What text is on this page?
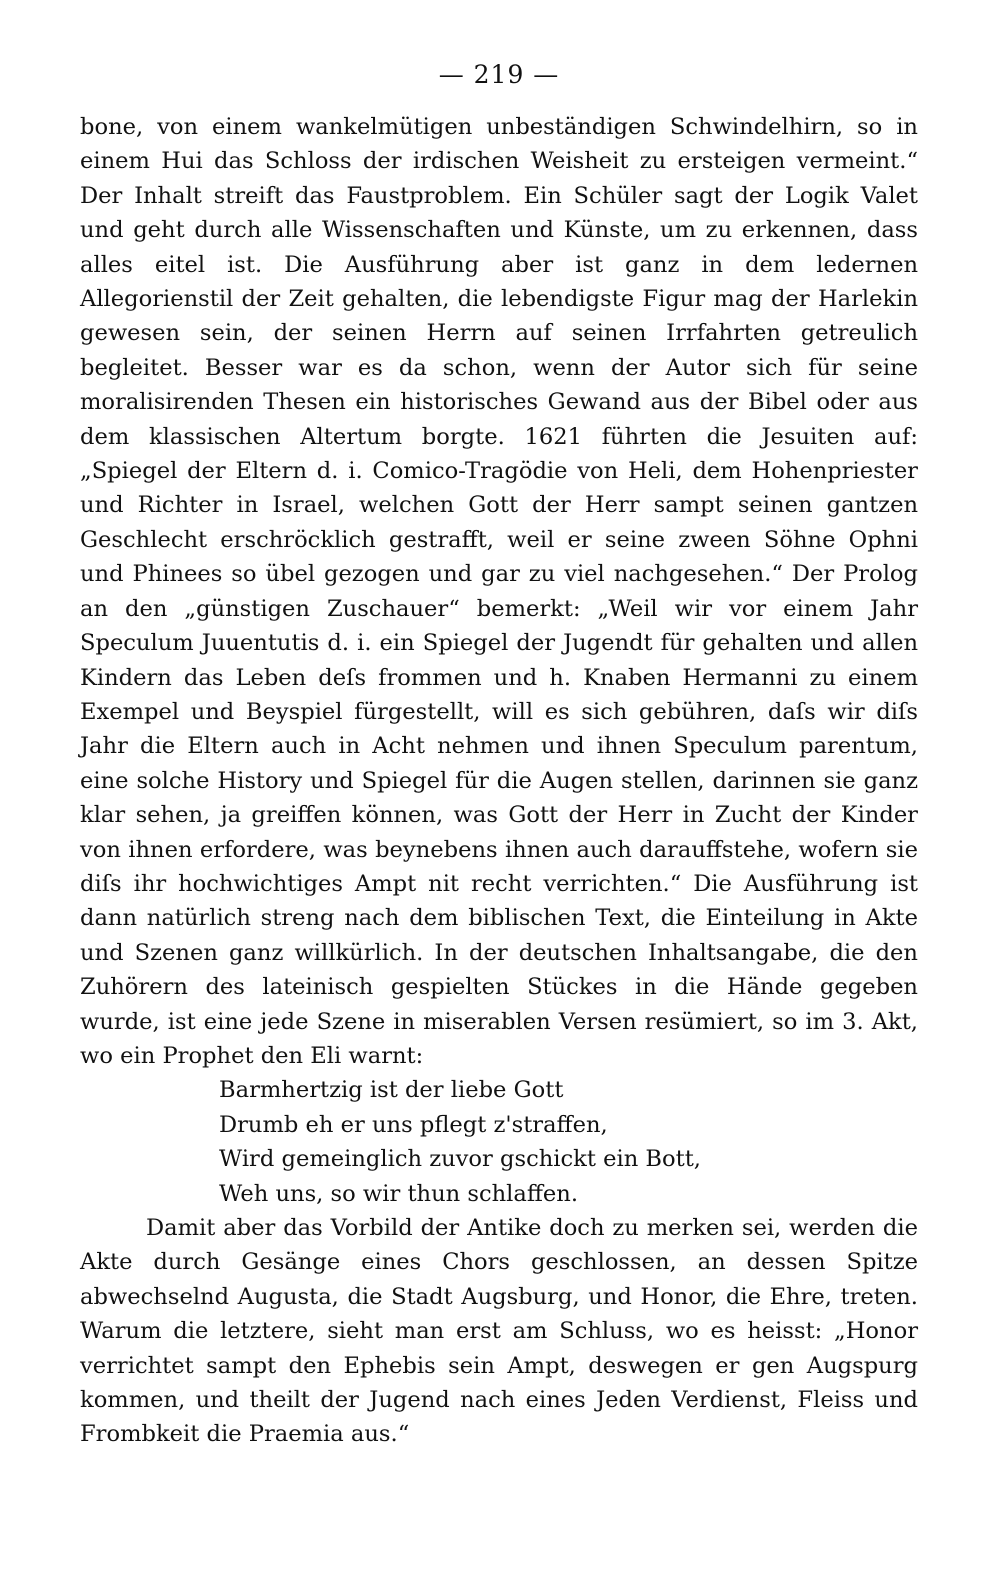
— 219 —

bone, von einem wankelmütigen unbeständigen Schwindelhirn, so in einem Hui das Schloss der irdischen Weisheit zu ersteigen vermeint.“ Der Inhalt streift das Faustproblem. Ein Schüler sagt der Logik Valet und geht durch alle Wissenschaften und Künste, um zu erkennen, dass alles eitel ist. Die Ausführung aber ist ganz in dem ledernen Allegorienstil der Zeit gehalten, die lebendigste Figur mag der Harlekin gewesen sein, der seinen Herrn auf seinen Irrfahrten getreulich begleitet. Besser war es da schon, wenn der Autor sich für seine moralisirenden Thesen ein historisches Gewand aus der Bibel oder aus dem klassischen Altertum borgte. 1621 führten die Jesuiten auf: „Spiegel der Eltern d. i. Comico-Tragödie von Heli, dem Hohenpriester und Richter in Israel, welchen Gott der Herr sampt seinen gantzen Geschlecht erschröcklich gestrafft, weil er seine zween Söhne Ophni und Phinees so übel gezogen und gar zu viel nachgesehen.“ Der Prolog an den „günstigen Zuschauer“ bemerkt: „Weil wir vor einem Jahr Speculum Juuentutis d. i. ein Spiegel der Jugendt für gehalten und allen Kindern das Leben deſs frommen und h. Knaben Hermanni zu einem Exempel und Beyspiel fürgestellt, will es sich gebühren, daſs wir diſs Jahr die Eltern auch in Acht nehmen und ihnen Speculum parentum, eine solche History und Spiegel für die Augen stellen, darinnen sie ganz klar sehen, ja greiffen können, was Gott der Herr in Zucht der Kinder von ihnen erfordere, was beynebens ihnen auch darauffstehe, wofern sie diſs ihr hochwichtiges Ampt nit recht verrichten.“ Die Ausführung ist dann natürlich streng nach dem biblischen Text, die Einteilung in Akte und Szenen ganz willkürlich. In der deutschen Inhaltsangabe, die den Zuhörern des lateinisch gespielten Stückes in die Hände gegeben wurde, ist eine jede Szene in miserablen Versen resümiert, so im 3. Akt, wo ein Prophet den Eli warnt:

Barmhertzig ist der liebe Gott
Drumb eh er uns pflegt z'straffen,
Wird gemeinglich zuvor gschickt ein Bott,
Weh uns, so wir thun schlaffen.

Damit aber das Vorbild der Antike doch zu merken sei, werden die Akte durch Gesänge eines Chors geschlossen, an dessen Spitze abwechselnd Augusta, die Stadt Augsburg, und Honor, die Ehre, treten. Warum die letztere, sieht man erst am Schluss, wo es heisst: „Honor verrichtet sampt den Ephebis sein Ampt, deswegen er gen Augspurg kommen, und theilt der Jugend nach eines Jeden Verdienst, Fleiss und Frombkeit die Praemia aus.“
